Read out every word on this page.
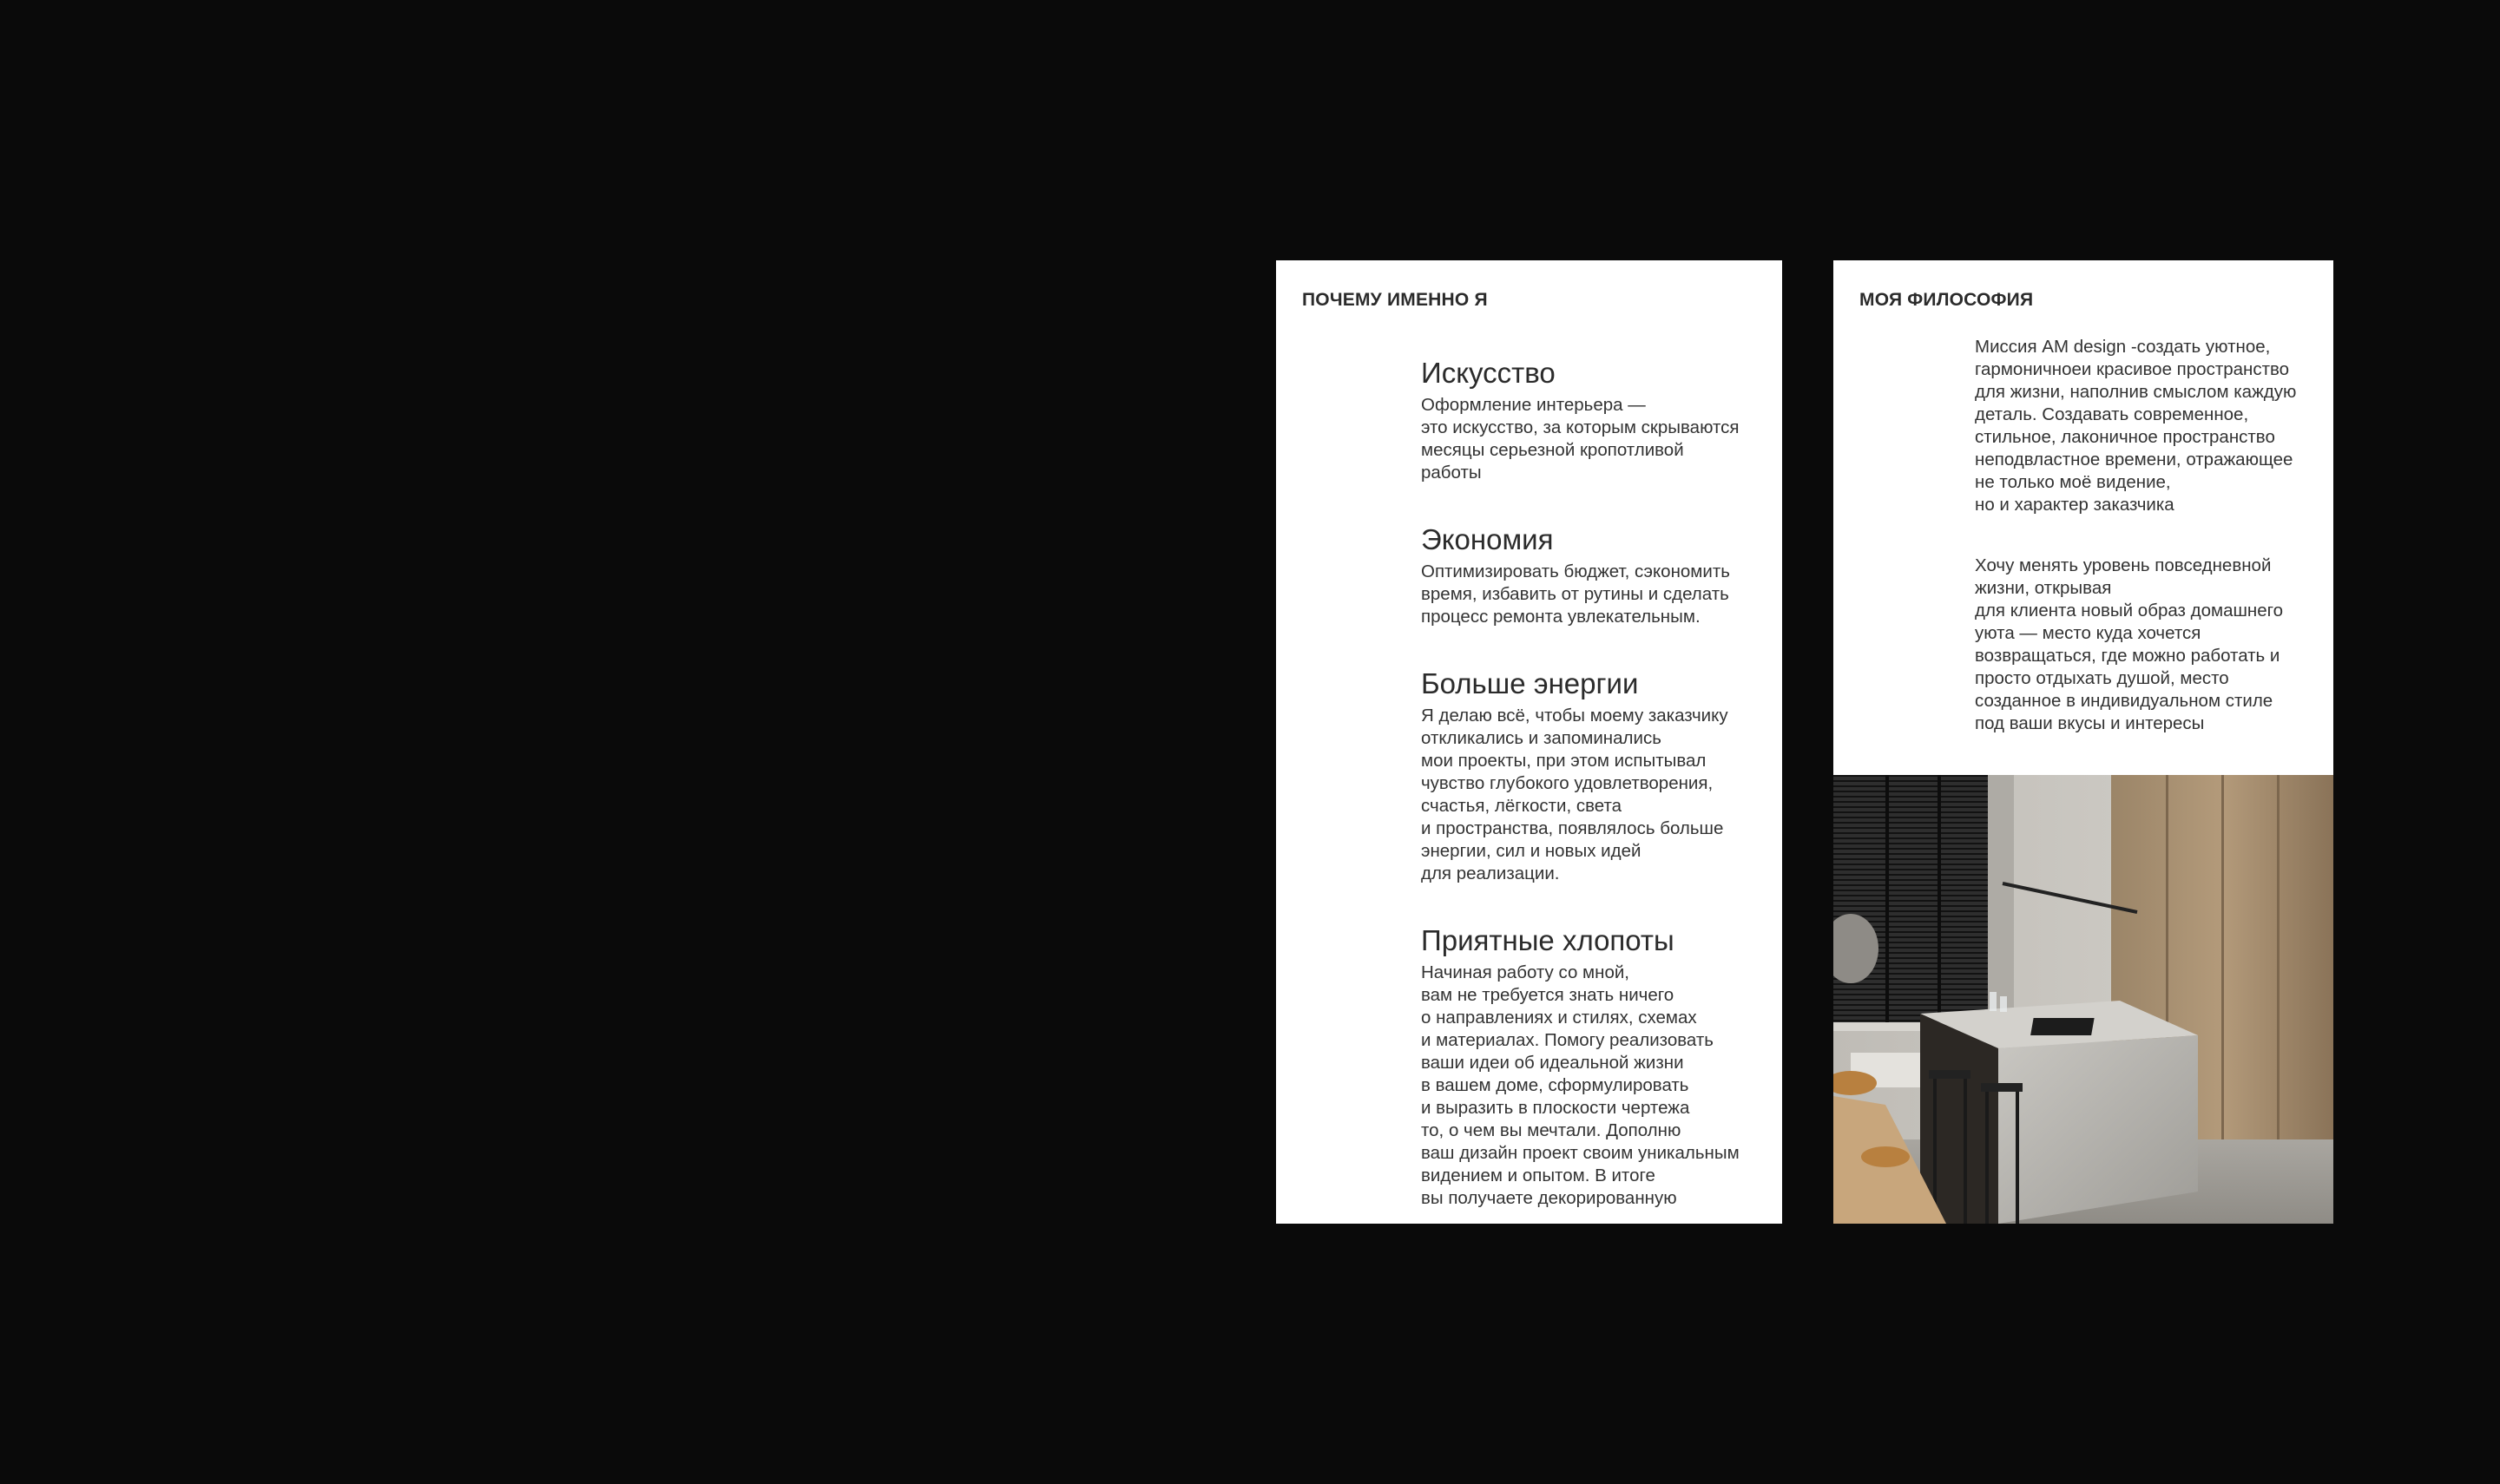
ПОЧЕМУ ИМЕННО Я
Искусство

Оформление интерьера —
это искусство, за которым скрываются
месяцы серьезной кропотливой
работы

Экономия

Оптимизировать бюджет, сэкономить
время, избавить от рутины и сделать
процесс ремонта увлекательным.

Больше энергии

Я делаю всё, чтобы моему заказчику
откликались и запоминались
мои проекты, при этом испытывал
чувство глубокого удовлетворения,
счастья, лёгкости, света
и пространства, появлялось больше
энергии, сил и новых идей
для реализации.

Приятные хлопоты

Начиная работу со мной,
вам не требуется знать ничего
о направлениях и стилях, схемах
и материалах. Помогу реализовать
ваши идеи об идеальной жизни
в вашем доме, сформулировать
и выразить в плоскости чертежа
то, о чем вы мечтали. Дополню
ваш дизайн проект своим уникальным
видением и опытом. В итоге
вы получаете декорированную

МОЯ ФИЛОСОФИЯ

Миссия AM design -создать уютное,
гармоничноеи красивое пространство
для жизни, наполнив смыслом каждую
деталь. Создавать современное,
стильное, лаконичное пространство
неподвластное времени, отражающее
не только моё видение,
но и характер заказчика

Хочу менять уровень повседневной
жизни, открывая
для клиента новый образ домашнего
уюта — место куда хочется
возвращаться, где можно работать и
просто отдыхать душой, место
созданное в индивидуальном стиле
под ваши вкусы и интересы
